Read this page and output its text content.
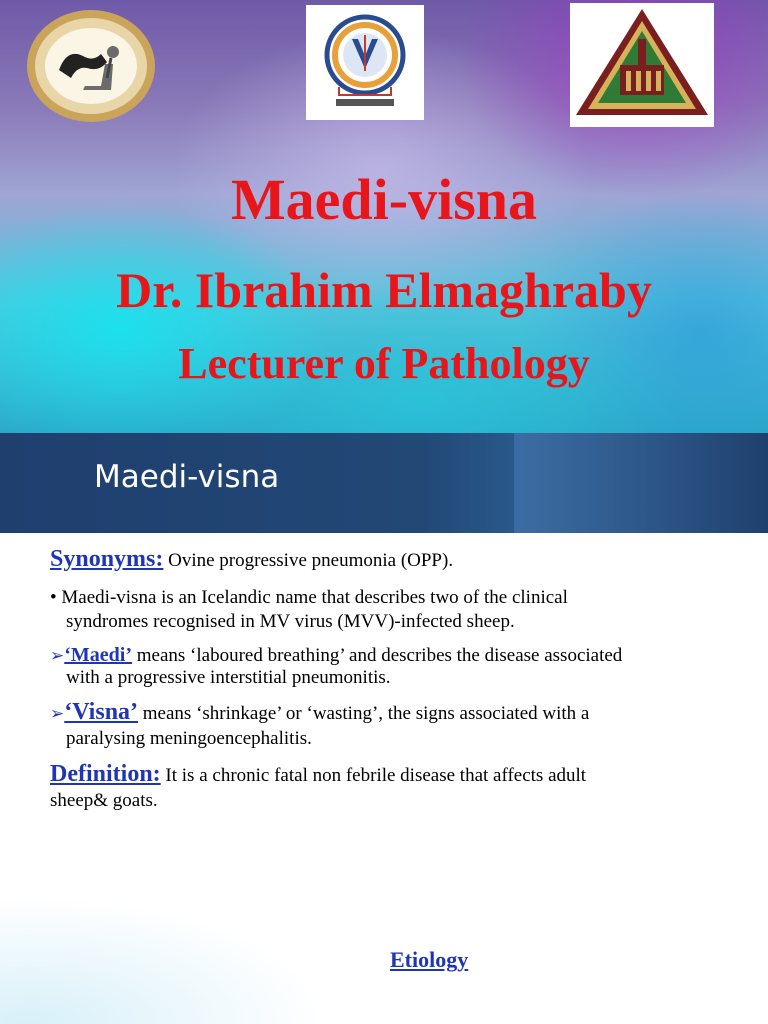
Maedi-visna
Dr. Ibrahim Elmaghraby
Lecturer of Pathology
Maedi-visna

Synonyms: Ovine progressive pneumonia (OPP).

• Maedi-visna is an Icelandic name that describes two of the clinical

syndromes recognised in MV virus (MVV)-infected sheep.

➢‘Maedi’ means ‘laboured breathing’ and describes the disease associated

with a progressive interstitial pneumonitis.

➢‘Visna’ means ‘shrinkage’ or ‘wasting’, the signs associated with a

paralysing meningoencephalitis.

Definition: It is a chronic fatal non febrile disease that affects adult

sheep& goats.

Etiology
